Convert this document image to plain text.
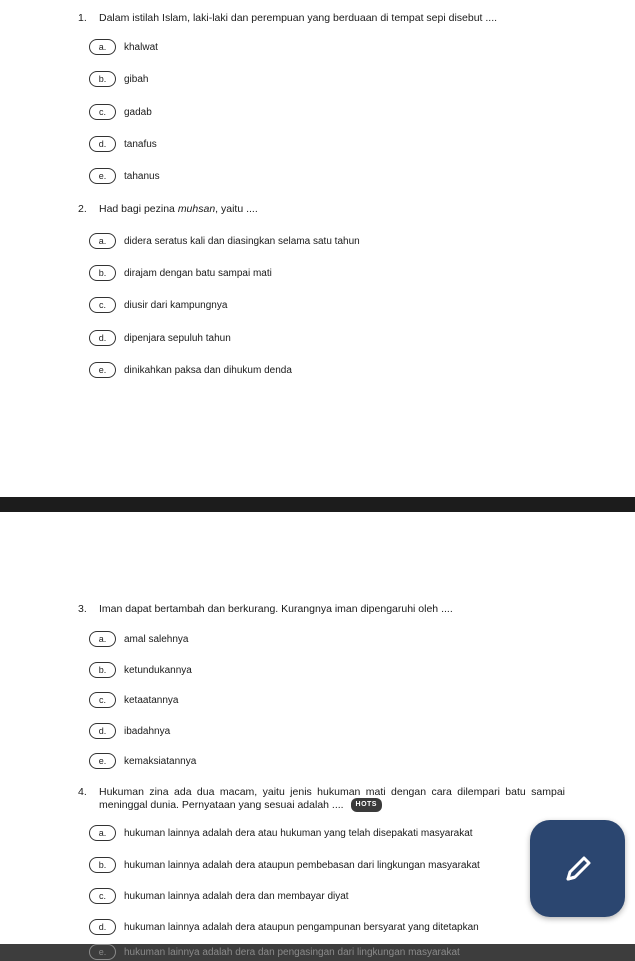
1. Dalam istilah Islam, laki-laki dan perempuan yang berduaan di tempat sepi disebut ....
a.	khalwat
b.	gibah
c.	gadab
d.	tanafus
e.	tahanus
2. Had bagi pezina muhsan, yaitu ....
a.	didera seratus kali dan diasingkan selama satu tahun
b.	dirajam dengan batu sampai mati
c.	diusir dari kampungnya
d.	dipenjara sepuluh tahun
e.	dinikahkan paksa dan dihukum denda
3. Iman dapat bertambah dan berkurang. Kurangnya iman dipengaruhi oleh ....
a.	amal salehnya
b.	ketundukannya
c.	ketaatannya
d.	ibadahnya
e.	kemaksiatannya
4.	Hukuman zina ada dua macam, yaitu jenis hukuman mati dengan cara dilempari batu sampai meninggal dunia. Pernyataan yang sesuai adalah .... HOTS
a.	hukuman lainnya adalah dera atau hukuman yang telah disepakati masyarakat
b.	hukuman lainnya adalah dera ataupun pembebasan dari lingkungan masyarakat
c.	hukuman lainnya adalah dera dan membayar diyat
d.	hukuman lainnya adalah dera ataupun pengampunan bersyarat yang ditetapkan
e.	hukuman lainnya adalah dera dan pengasingan dari lingkungan masyarakat
